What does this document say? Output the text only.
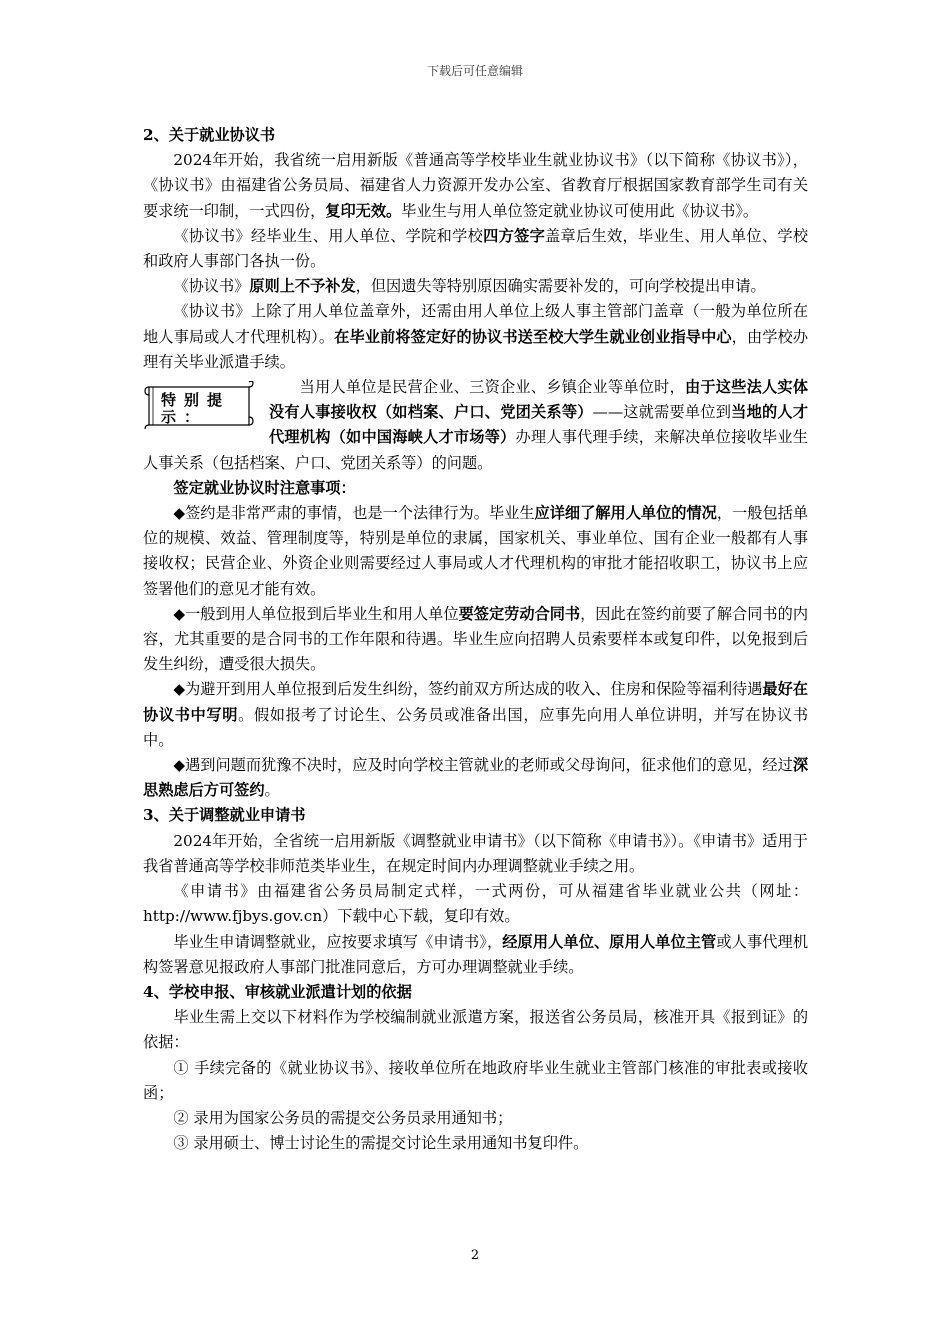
下载后可任意编辑
2、关于就业协议书

2024年开始，我省统一启用新版《普通高等学校毕业生就业协议书》（以下简称《协议书》），《协议书》由福建省公务员局、福建省人力资源开发办公室、省教育厅根据国家教育部学生司有关要求统一印制，一式四份，复印无效。毕业生与用人单位签定就业协议可使用此《协议书》。

《协议书》经毕业生、用人单位、学院和学校四方签字盖章后生效，毕业生、用人单位、学校和政府人事部门各执一份。

《协议书》原则上不予补发，但因遗失等特别原因确实需要补发的，可向学校提出申请。

《协议书》上除了用人单位盖章外，还需由用人单位上级人事主管部门盖章（一般为单位所在地人事局或人才代理机构）。在毕业前将签定好的协议书送至校大学生就业创业指导中心，由学校办理有关毕业派遣手续。

特别提示：

当用人单位是民营企业、三资企业、乡镇企业等单位时，由于这些法人实体没有人事接收权（如档案、户口、党团关系等）——这就需要单位到当地的人才代理机构（如中国海峡人才市场等）办理人事代理手续，来解决单位接收毕业生人事关系（包括档案、户口、党团关系等）的问题。

签定就业协议时注意事项：

◆签约是非常严肃的事情，也是一个法律行为。毕业生应详细了解用人单位的情况，一般包括单位的规模、效益、管理制度等，特别是单位的隶属，国家机关、事业单位、国有企业一般都有人事接收权；民营企业、外资企业则需要经过人事局或人才代理机构的审批才能招收职工，协议书上应签署他们的意见才能有效。

◆一般到用人单位报到后毕业生和用人单位要签定劳动合同书，因此在签约前要了解合同书的内容，尤其重要的是合同书的工作年限和待遇。毕业生应向招聘人员索要样本或复印件，以免报到后发生纠纷，遭受很大损失。

◆为避开到用人单位报到后发生纠纷，签约前双方所达成的收入、住房和保险等福利待遇最好在协议书中写明。假如报考了讨论生、公务员或准备出国，应事先向用人单位讲明，并写在协议书中。

◆遇到问题而犹豫不决时，应及时向学校主管就业的老师或父母询问，征求他们的意见，经过深思熟虑后方可签约。

3、关于调整就业申请书

2024年开始，全省统一启用新版《调整就业申请书》（以下简称《申请书》）。《申请书》适用于我省普通高等学校非师范类毕业生，在规定时间内办理调整就业手续之用。

《申请书》由福建省公务员局制定式样，一式两份，可从福建省毕业就业公共（网址：http://www.fjbys.gov.cn）下载中心下载，复印有效。

毕业生申请调整就业，应按要求填写《申请书》，经原用人单位、原用人单位主管或人事代理机构签署意见报政府人事部门批准同意后，方可办理调整就业手续。

4、学校申报、审核就业派遣计划的依据

毕业生需上交以下材料作为学校编制就业派遣方案，报送省公务员局，核准开具《报到证》的依据：

① 手续完备的《就业协议书》、接收单位所在地政府毕业生就业主管部门核准的审批表或接收函；

② 录用为国家公务员的需提交公务员录用通知书；

③ 录用硕士、博士讨论生的需提交讨论生录用通知书复印件。

2
